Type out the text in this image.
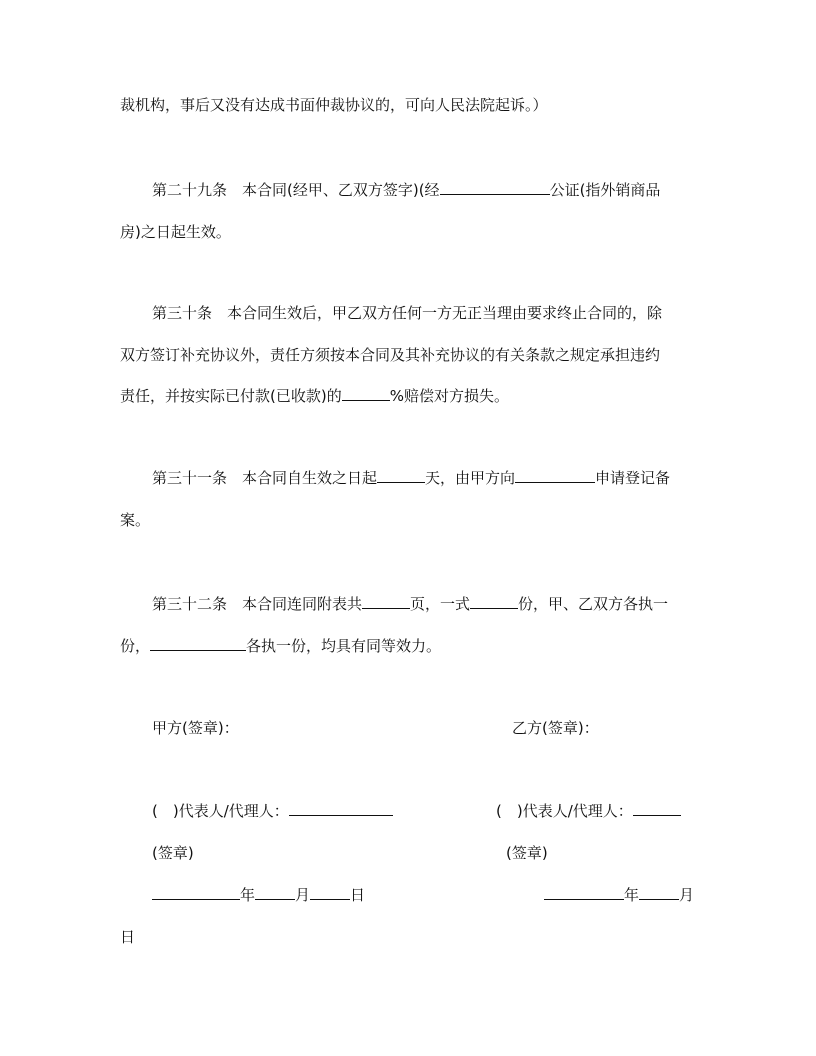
裁机构，事后又没有达成书面仲裁协议的，可向人民法院起诉。）
第二十九条　本合同(经甲、乙双方签字)(经	公证(指外销商品
房)之日起生效。
第三十条　本合同生效后，甲乙双方任何一方无正当理由要求终止合同的，除
双方签订补充协议外，责任方须按本合同及其补充协议的有关条款之规定承担违约
责任，并按实际已付款(已收款)的	%赔偿对方损失。
第三十一条　本合同自生效之日起	天，由甲方向	申请登记备
案。
第三十二条　本合同连同附表共	页，一式	份，甲、乙双方各执一
份，	各执一份，均具有同等效力。
甲方(签章)：	乙方(签章)：
(　)代表人/代理人：	(　)代表人/代理人：
(签章)	(签章)
年	月	日	年	月
日
